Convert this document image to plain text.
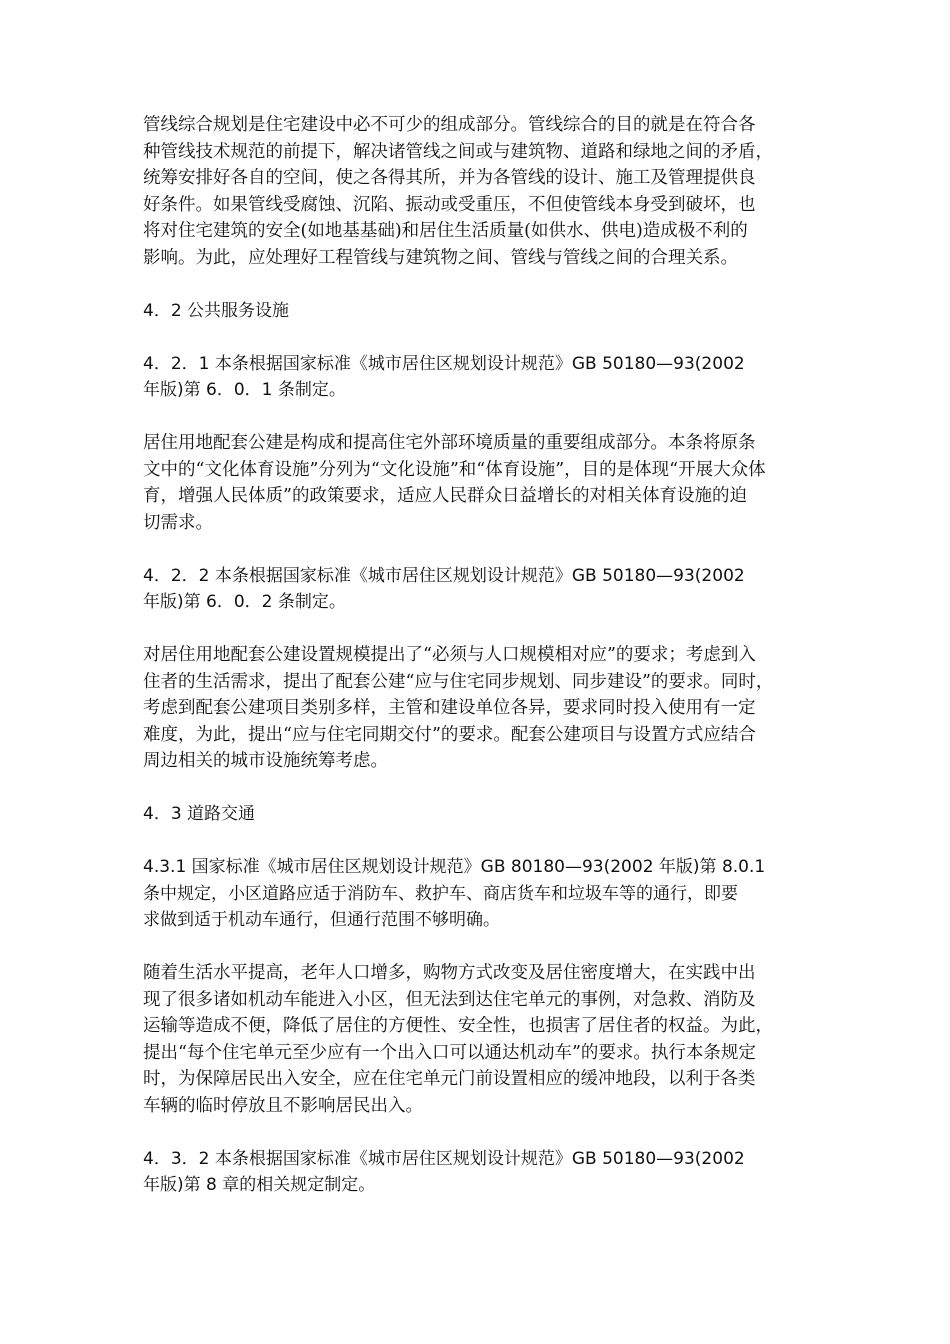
管线综合规划是住宅建设中必不可少的组成部分。管线综合的目的就是在符合各
种管线技术规范的前提下，解决诸管线之间或与建筑物、道路和绿地之间的矛盾，
统筹安排好各自的空间，使之各得其所，并为各管线的设计、施工及管理提供良
好条件。如果管线受腐蚀、沉陷、振动或受重压，不但使管线本身受到破坏，也
将对住宅建筑的安全(如地基基础)和居住生活质量(如供水、供电)造成极不利的
影响。为此，应处理好工程管线与建筑物之间、管线与管线之间的合理关系。

4．2 公共服务设施

4．2．1 本条根据国家标准《城市居住区规划设计规范》GB 50180—93(2002
年版)第 6．0．1 条制定。

居住用地配套公建是构成和提高住宅外部环境质量的重要组成部分。本条将原条
文中的“文化体育设施”分列为“文化设施”和“体育设施”，目的是体现“开展大众体
育，增强人民体质”的政策要求，适应人民群众日益增长的对相关体育设施的迫
切需求。

4．2．2 本条根据国家标准《城市居住区规划设计规范》GB 50180—93(2002
年版)第 6．0．2 条制定。

对居住用地配套公建设置规模提出了“必须与人口规模相对应”的要求；考虑到入
住者的生活需求，提出了配套公建“应与住宅同步规划、同步建设”的要求。同时，
考虑到配套公建项目类别多样，主管和建设单位各异，要求同时投入使用有一定
难度，为此，提出“应与住宅同期交付”的要求。配套公建项目与设置方式应结合
周边相关的城市设施统筹考虑。

4．3 道路交通

4.3.1 国家标准《城市居住区规划设计规范》GB 80180—93(2002 年版)第 8.0.1
条中规定，小区道路应适于消防车、救护车、商店货车和垃圾车等的通行，即要
求做到适于机动车通行，但通行范围不够明确。

随着生活水平提高，老年人口增多，购物方式改变及居住密度增大，在实践中出
现了很多诸如机动车能进入小区，但无法到达住宅单元的事例，对急救、消防及
运输等造成不便，降低了居住的方便性、安全性，也损害了居住者的权益。为此，
提出“每个住宅单元至少应有一个出入口可以通达机动车”的要求。执行本条规定
时，为保障居民出入安全，应在住宅单元门前设置相应的缓冲地段，以利于各类
车辆的临时停放且不影响居民出入。

4．3．2 本条根据国家标准《城市居住区规划设计规范》GB 50180—93(2002
年版)第 8 章的相关规定制定。
